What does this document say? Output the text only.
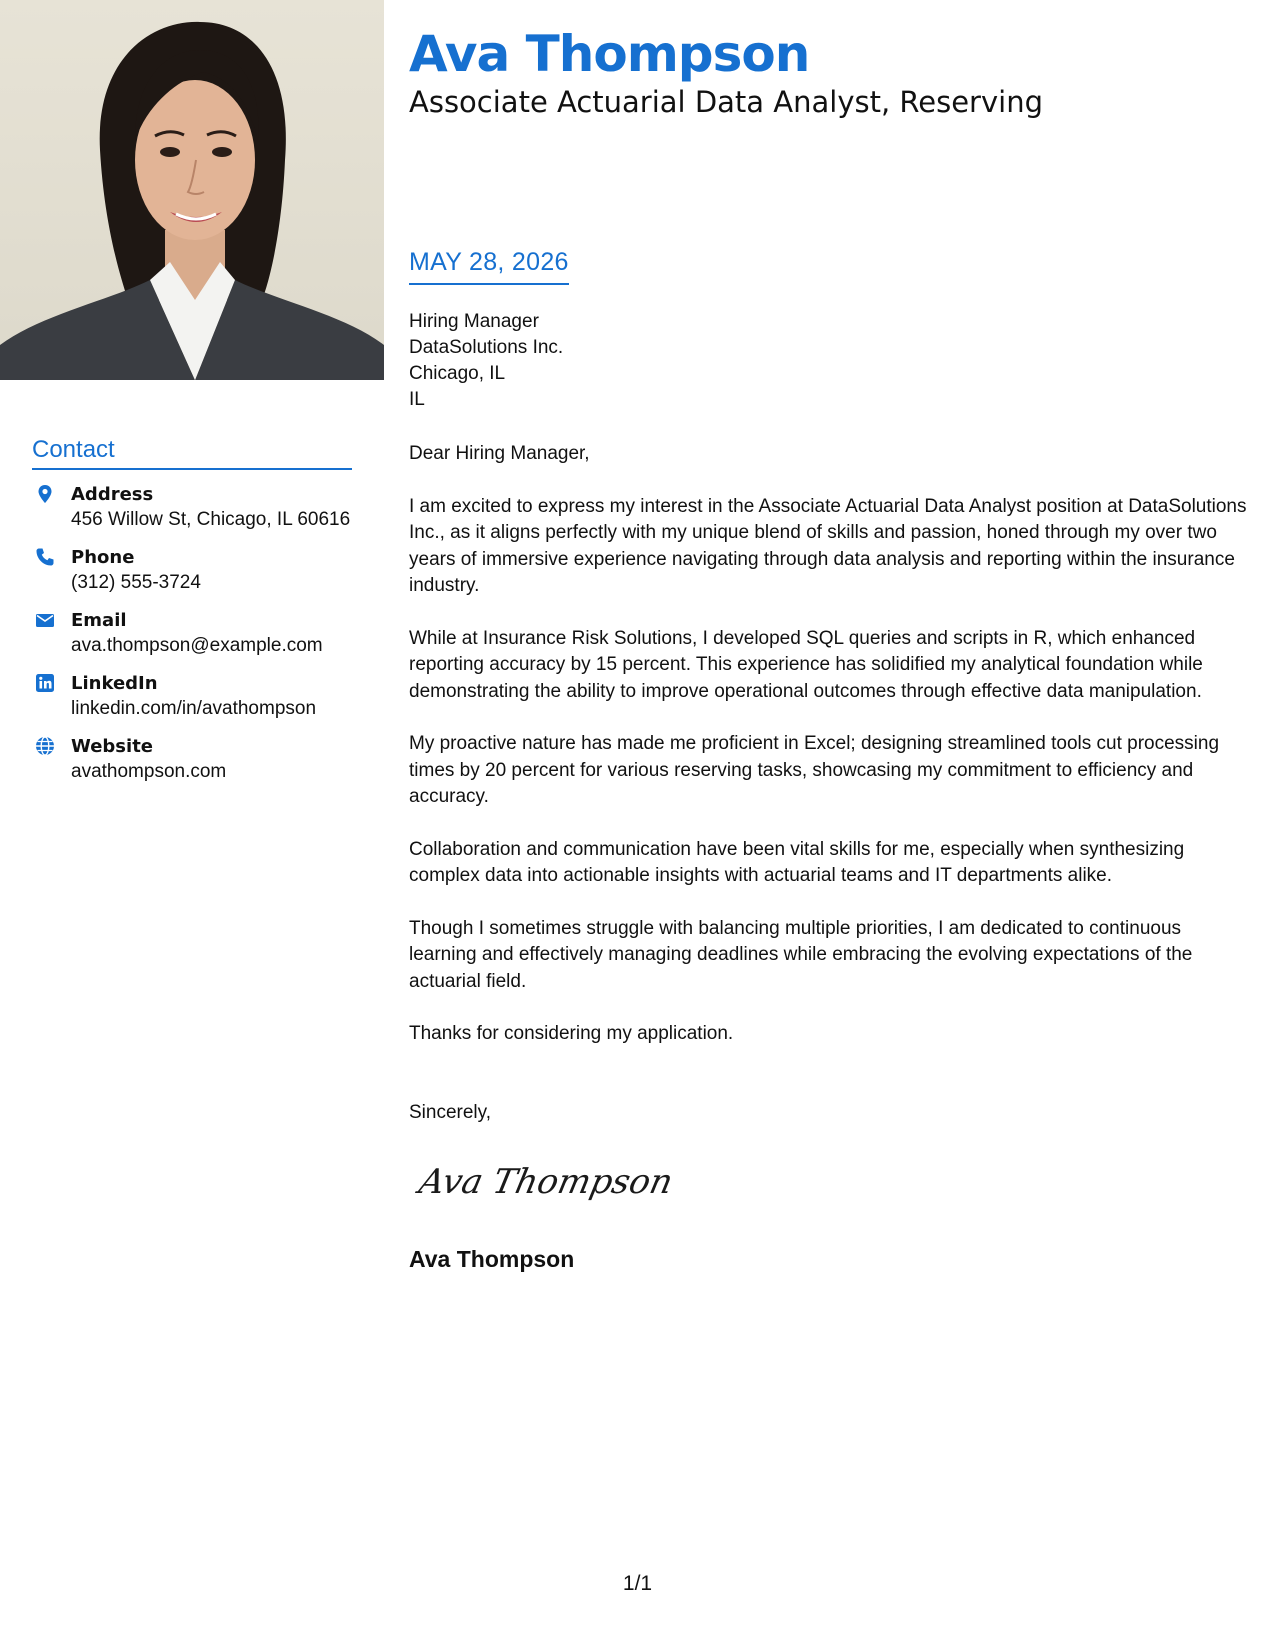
Contact
Address
456 Willow St, Chicago, IL 60616
Phone
(312) 555-3724
Email
ava.thompson@example.com
LinkedIn
linkedin.com/in/avathompson
Website
avathompson.com
Ava Thompson
Associate Actuarial Data Analyst, Reserving
MAY 28, 2026
Hiring Manager
DataSolutions Inc.
Chicago, IL
IL

Dear Hiring Manager,

I am excited to express my interest in the Associate Actuarial Data Analyst position at DataSolutions Inc., as it aligns perfectly with my unique blend of skills and passion, honed through my over two years of immersive experience navigating through data analysis and reporting within the insurance industry.

While at Insurance Risk Solutions, I developed SQL queries and scripts in R, which enhanced reporting accuracy by 15 percent. This experience has solidified my analytical foundation while demonstrating the ability to improve operational outcomes through effective data manipulation.

My proactive nature has made me proficient in Excel; designing streamlined tools cut processing times by 20 percent for various reserving tasks, showcasing my commitment to efficiency and accuracy.

Collaboration and communication have been vital skills for me, especially when synthesizing complex data into actionable insights with actuarial teams and IT departments alike.

Though I sometimes struggle with balancing multiple priorities, I am dedicated to continuous learning and effectively managing deadlines while embracing the evolving expectations of the actuarial field.

Thanks for considering my application.

Sincerely,
Ava Thompson
Ava Thompson
1/1
